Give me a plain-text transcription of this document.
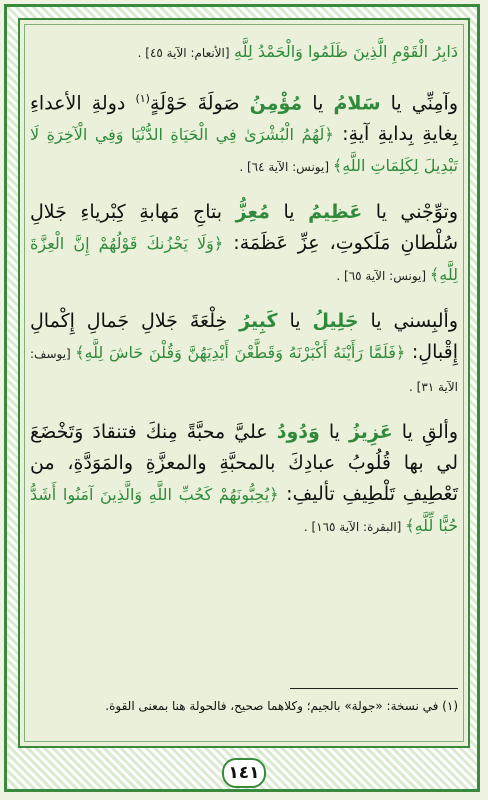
دَابِرُ الْقَوْمِ الَّذِينَ ظَلَمُوا وَالْحَمْدُ لِلَّهِ [الأنعام: الآية ٤٥] .

وآمِنِّي يا سَلامُ يا مُؤْمِنُ صَولَةَ حَوْلَةٍ$^{(١)}$ دولةِ الأعداءِ بِغايةِ بِدايةِ آيةِ: ﴿لَهُمُ الْبُشْرَىٰ فِي الْحَيَاةِ الدُّنْيَا وَفِي الْآخِرَةِ لَا تَبْدِيلَ لِكَلِمَاتِ اللَّهِ﴾ [يونس: الآية ٦٤] .

وتوِّجْني يا عَظِيمُ يا مُعِزُّ بتاجِ مَهابةِ كِبْرياءِ جَلالِ سُلْطانِ مَلَكوتِ، عِزِّ عَظَمَة: ﴿وَلَا يَحْزُنكَ قَوْلُهُمْ إِنَّ الْعِزَّةَ لِلَّهِ﴾ [يونس: الآية ٦٥] .

وألبِسني يا جَلِيلُ يا كَبِيرُ خِلْعَةَ جَلالِ جَمالِ إِكْمالِ إِقْبالِ: ﴿فَلَمَّا رَأَيْنَهُ أَكْبَرْنَهُ وَقَطَّعْنَ أَيْدِيَهُنَّ وَقُلْنَ حَاشَ لِلَّهِ﴾ [يوسف: الآية ٣١] .

وألقِ يا عَزِيزُ يا وَدُودُ عليَّ محبَّةً مِنكَ فتنقادَ وَتَخْضَعَ لي بها قُلُوبُ عبادِكَ بالمحبَّةِ والمعزَّةِ والمَوَدَّةِ، من تَعْطِيفِ تَلْطِيفِ تأليفِ: ﴿يُحِبُّونَهُمْ كَحُبِّ اللَّهِ وَالَّذِينَ آمَنُوا أَشَدُّ حُبًّا لِّلَّهِ﴾ [البقرة: الآية ١٦٥] .

(١) في نسخة: «جولة» بالجيم؛ وكلاهما صحيح، فالحولة هنا بمعنى القوة.
١٤١
